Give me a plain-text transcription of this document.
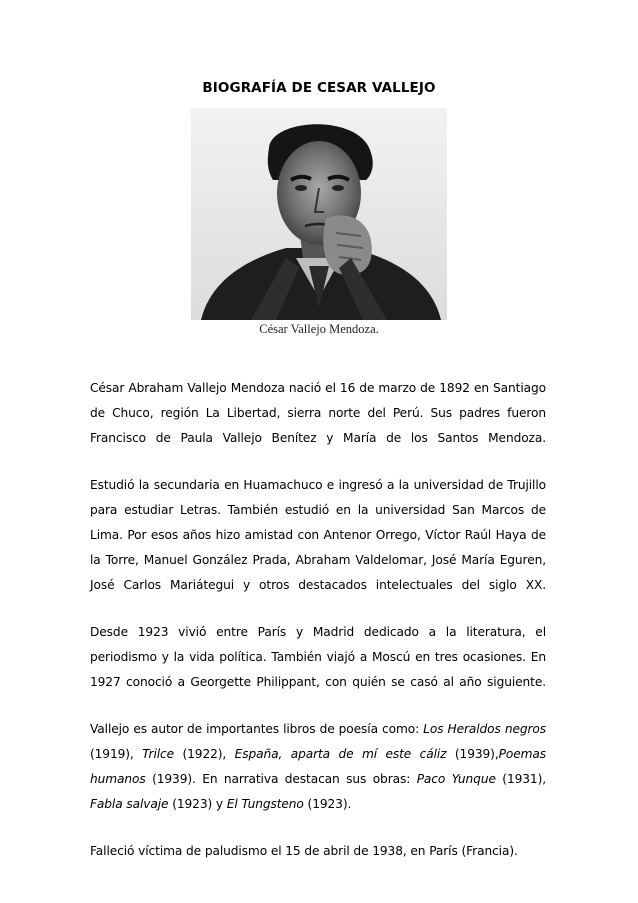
BIOGRAFÍA DE CESAR VALLEJO
César Vallejo Mendoza.

César Abraham Vallejo Mendoza nació el 16 de marzo de 1892 en Santiago de Chuco, región La Libertad, sierra norte del Perú. Sus padres fueron Francisco de Paula Vallejo Benítez y María de los Santos Mendoza.

Estudió la secundaria en Huamachuco e ingresó a la universidad de Trujillo para estudiar Letras. También estudió en la universidad San Marcos de Lima. Por esos años hizo amistad con Antenor Orrego, Víctor Raúl Haya de la Torre, Manuel González Prada, Abraham Valdelomar, José María Eguren, José Carlos Mariátegui y otros destacados intelectuales del siglo XX.

Desde 1923 vivió entre París y Madrid dedicado a la literatura, el periodismo y la vida política. También viajó a Moscú en tres ocasiones. En 1927 conoció a Georgette Philippant, con quién se casó al año siguiente.

Vallejo es autor de importantes libros de poesía como: Los Heraldos negros (1919), Trilce (1922), España, aparta de mí este cáliz (1939),Poemas humanos (1939). En narrativa destacan sus obras: Paco Yunque (1931), Fabla salvaje (1923) y El Tungsteno (1923).

Falleció víctima de paludismo el 15 de abril de 1938, en París (Francia).
